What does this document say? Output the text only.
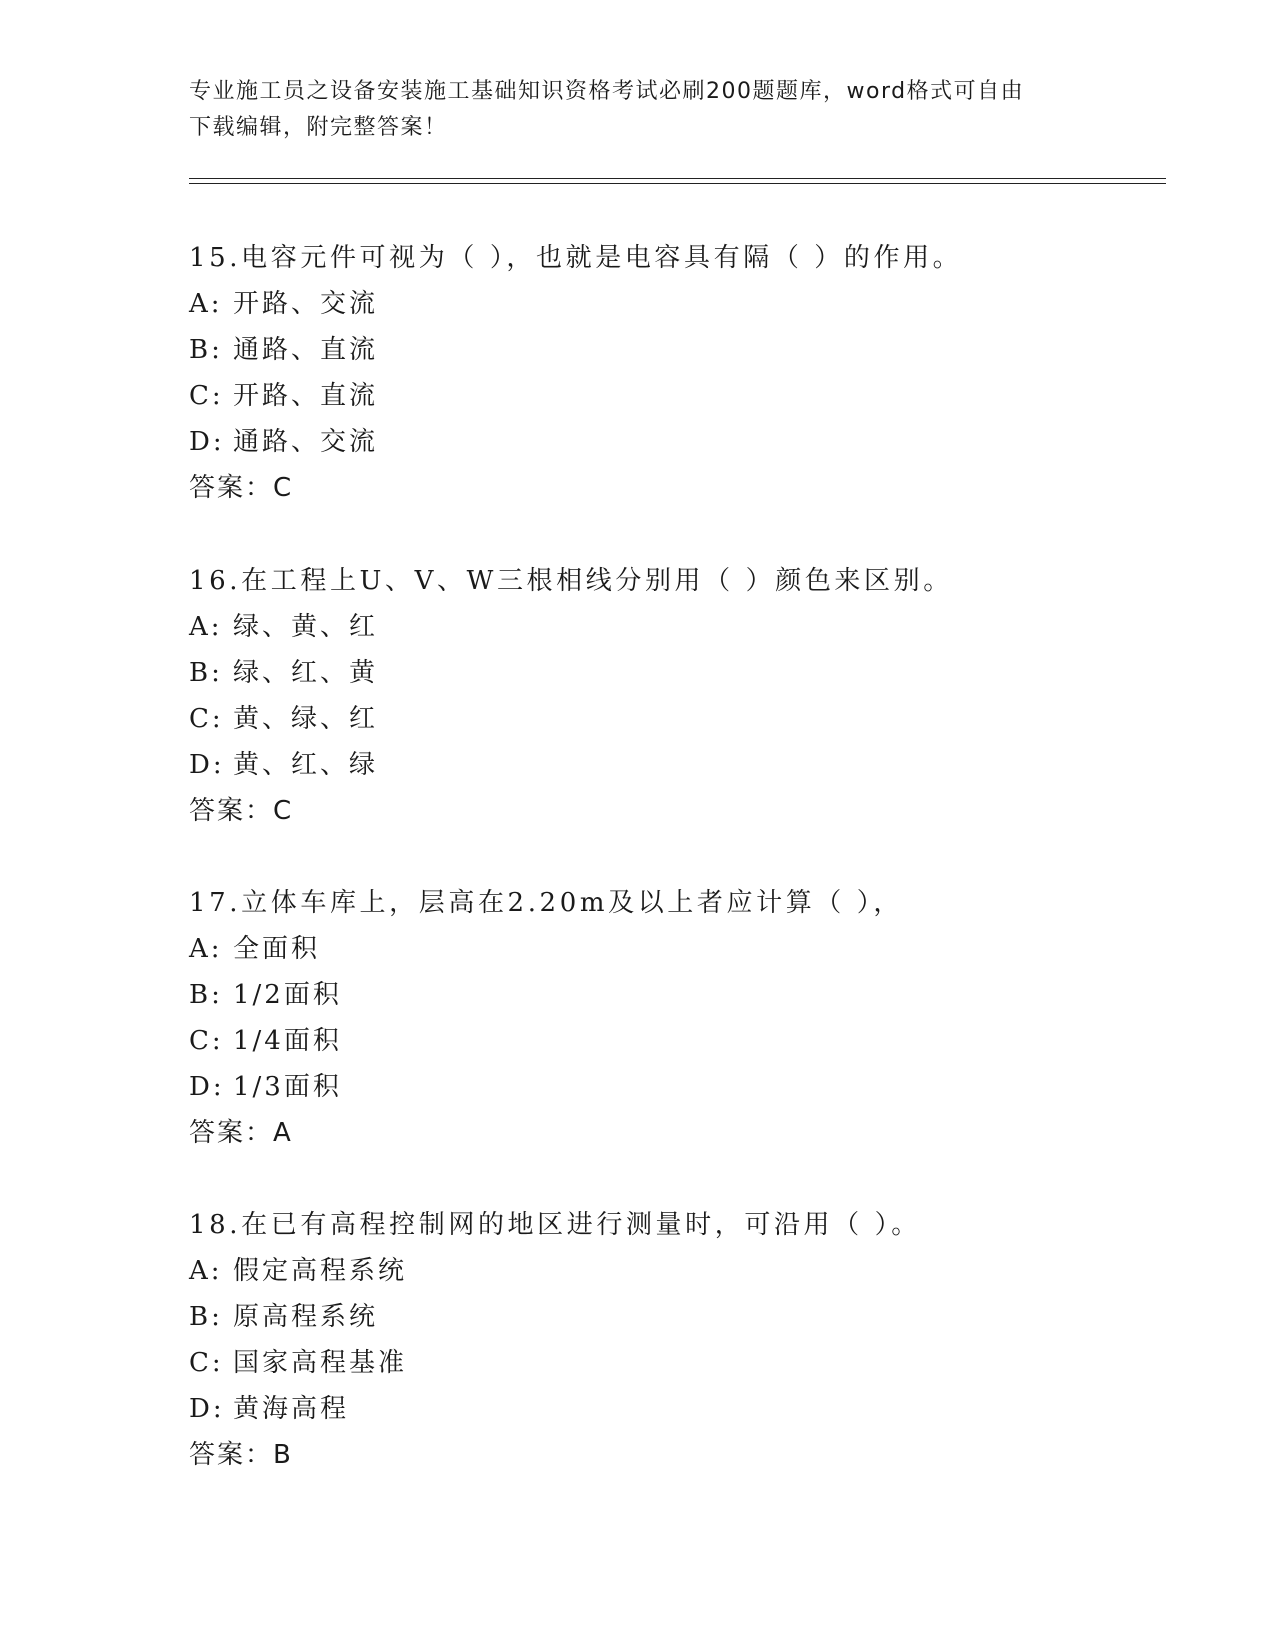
专业施工员之设备安装施工基础知识资格考试必刷200题题库，word格式可自由
下载编辑，附完整答案！
15.电容元件可视为（ ），也就是电容具有隔（ ）的作用。
A: 开路、交流
B: 通路、直流
C: 开路、直流
D: 通路、交流
答案：C
16.在工程上U、V、W三根相线分别用（ ）颜色来区别。
A: 绿、黄、红
B: 绿、红、黄
C: 黄、绿、红
D: 黄、红、绿
答案：C
17.立体车库上，层高在2.20m及以上者应计算（ ），
A: 全面积
B: 1/2面积
C: 1/4面积
D: 1/3面积
答案：A
18.在已有高程控制网的地区进行测量时，可沿用（ ）。
A: 假定高程系统
B: 原高程系统
C: 国家高程基准
D: 黄海高程
答案：B
